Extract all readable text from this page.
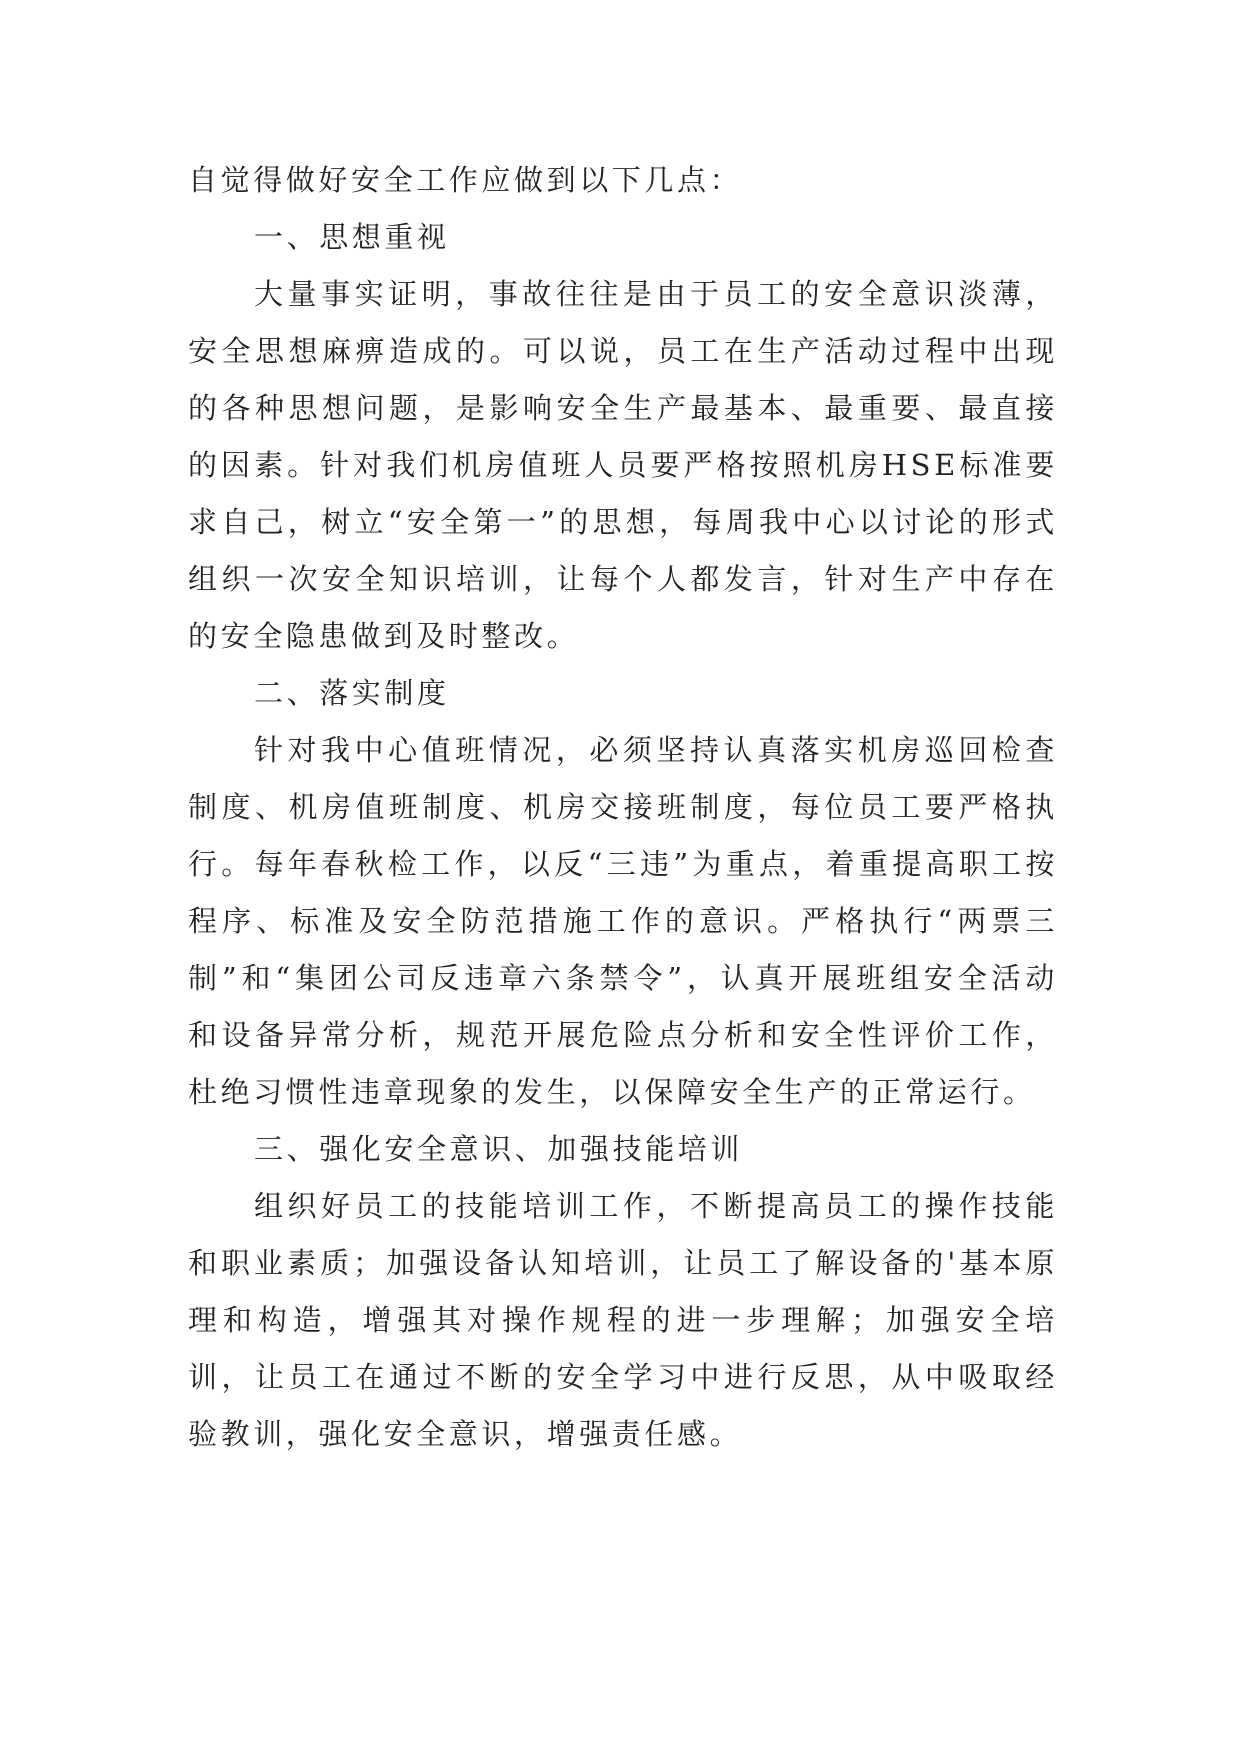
自觉得做好安全工作应做到以下几点：

一、思想重视

大量事实证明，事故往往是由于员工的安全意识淡薄，安全思想麻痹造成的。可以说，员工在生产活动过程中出现的各种思想问题，是影响安全生产最基本、最重要、最直接的因素。针对我们机房值班人员要严格按照机房HSE标准要求自己，树立“安全第一”的思想，每周我中心以讨论的形式组织一次安全知识培训，让每个人都发言，针对生产中存在的安全隐患做到及时整改。

二、落实制度

针对我中心值班情况，必须坚持认真落实机房巡回检查制度、机房值班制度、机房交接班制度，每位员工要严格执行。每年春秋检工作，以反“三违”为重点，着重提高职工按程序、标准及安全防范措施工作的意识。严格执行“两票三制”和“集团公司反违章六条禁令”，认真开展班组安全活动和设备异常分析，规范开展危险点分析和安全性评价工作，杜绝习惯性违章现象的发生，以保障安全生产的正常运行。

三、强化安全意识、加强技能培训

组织好员工的技能培训工作，不断提高员工的操作技能和职业素质；加强设备认知培训，让员工了解设备的'基本原理和构造，增强其对操作规程的进一步理解；加强安全培训，让员工在通过不断的安全学习中进行反思，从中吸取经验教训，强化安全意识，增强责任感。
